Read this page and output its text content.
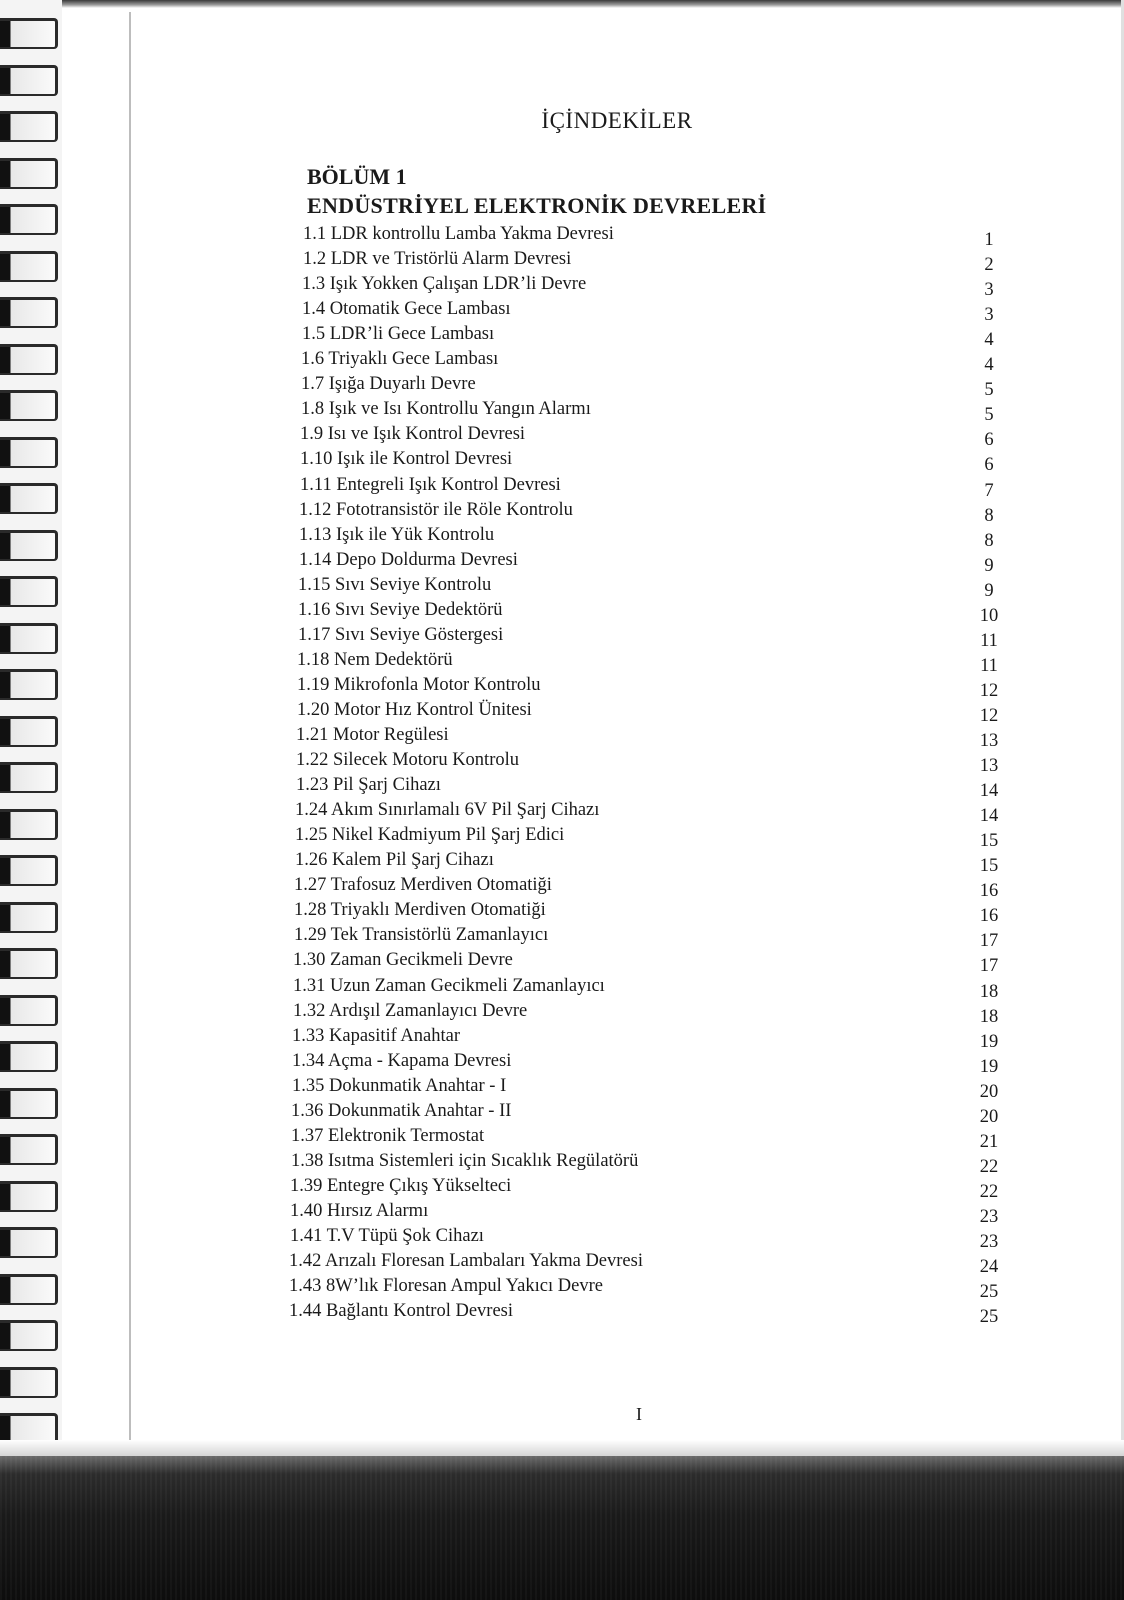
İÇİNDEKİLER
BÖLÜM 1
ENDÜSTRİYEL ELEKTRONİK DEVRELERİ
1.1 LDR kontrollu Lamba Yakma Devresi	1
1.2 LDR ve Tristörlü Alarm Devresi	2
1.3 Işık Yokken Çalışan LDR’li Devre	3
1.4 Otomatik Gece Lambası	3
1.5 LDR’li Gece Lambası	4
1.6 Triyaklı Gece Lambası	4
1.7 Işığa Duyarlı Devre	5
1.8 Işık ve Isı Kontrollu Yangın Alarmı	5
1.9 Isı ve Işık Kontrol Devresi	6
1.10 Işık ile Kontrol Devresi	6
1.11 Entegreli Işık Kontrol Devresi	7
1.12 Fototransistör ile Röle Kontrolu	8
1.13 Işık ile Yük Kontrolu	8
1.14 Depo Doldurma Devresi	9
1.15 Sıvı Seviye Kontrolu	9
1.16 Sıvı Seviye Dedektörü	10
1.17 Sıvı Seviye Göstergesi	11
1.18 Nem Dedektörü	11
1.19 Mikrofonla Motor Kontrolu	12
1.20 Motor Hız Kontrol Ünitesi	12
1.21 Motor Regülesi	13
1.22 Silecek Motoru Kontrolu	13
1.23 Pil Şarj Cihazı	14
1.24 Akım Sınırlamalı 6V Pil Şarj Cihazı	14
1.25 Nikel Kadmiyum Pil Şarj Edici	15
1.26 Kalem Pil Şarj Cihazı	15
1.27 Trafosuz Merdiven Otomatiği	16
1.28 Triyaklı Merdiven Otomatiği	16
1.29 Tek Transistörlü Zamanlayıcı	17
1.30 Zaman Gecikmeli Devre	17
1.31 Uzun Zaman Gecikmeli Zamanlayıcı	18
1.32 Ardışıl Zamanlayıcı Devre	18
1.33 Kapasitif Anahtar	19
1.34 Açma - Kapama Devresi	19
1.35 Dokunmatik Anahtar - I	20
1.36 Dokunmatik Anahtar - II	20
1.37 Elektronik Termostat	21
1.38 Isıtma Sistemleri için Sıcaklık Regülatörü	22
1.39 Entegre Çıkış Yükselteci	22
1.40 Hırsız Alarmı	23
1.41 T.V Tüpü Şok Cihazı	23
1.42 Arızalı Floresan Lambaları Yakma Devresi	24
1.43 8W’lık Floresan Ampul Yakıcı Devre	25
1.44 Bağlantı Kontrol Devresi	25
I
